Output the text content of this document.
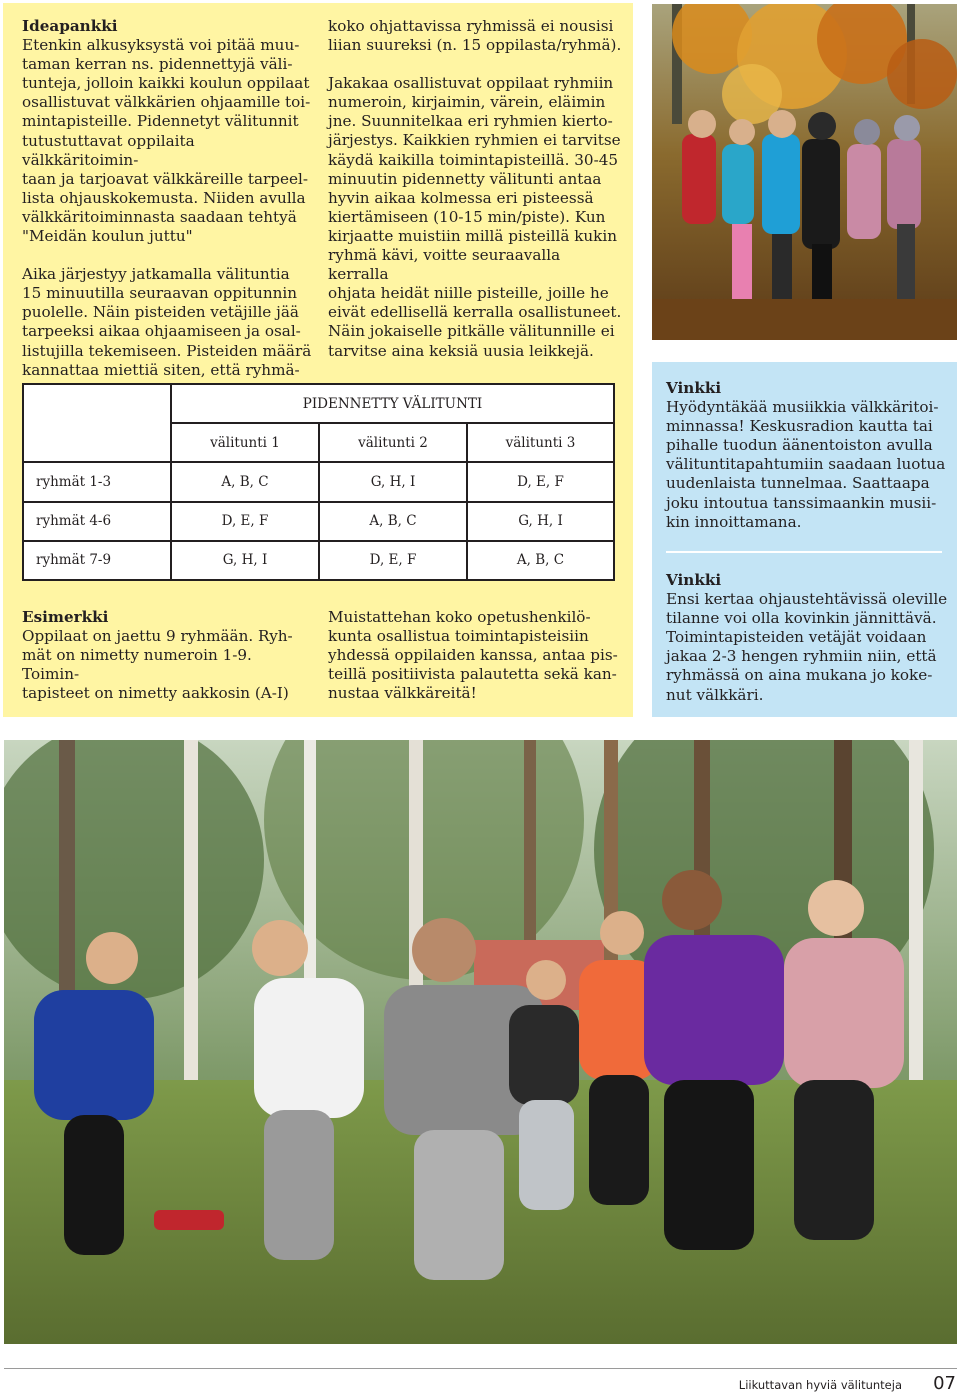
Ideapankki

Etenkin alkusyksystä voi pitää muu-

taman kerran ns. pidennettyjä väli-

tunteja, jolloin kaikki koulun oppilaat

osallistuvat välkkärien ohjaamille toi-

mintapisteille. Pidennetyt välitunnit

tutustuttavat oppilaita välkkäritoimin-

taan ja tarjoavat välkkäreille tarpeel-

lista ohjauskokemusta. Niiden avulla

välkkäritoiminnasta saadaan tehtyä

"Meidän koulun juttu"

Aika järjestyy jatkamalla välituntia

15 minuutilla seuraavan oppitunnin

puolelle. Näin pisteiden vetäjille jää

tarpeeksi aikaa ohjaamiseen ja osal-

listujilla tekemiseen. Pisteiden määrä

kannattaa miettiä siten, että ryhmä-

koko ohjattavissa ryhmissä ei nousisi

liian suureksi (n. 15 oppilasta/ryhmä).

Jakakaa osallistuvat oppilaat ryhmiin

numeroin, kirjaimin, värein, eläimin

jne. Suunnitelkaa eri ryhmien kierto-

järjestys. Kaikkien ryhmien ei tarvitse

käydä kaikilla toimintapisteillä. 30-45

minuutin pidennetty välitunti antaa

hyvin aikaa kolmessa eri pisteessä

kiertämiseen (10-15 min/piste). Kun

kirjaatte muistiin millä pisteillä kukin

ryhmä kävi, voitte seuraavalla kerralla

ohjata heidät niille pisteille, joille he

eivät edellisellä kerralla osallistuneet.

Näin jokaiselle pitkälle välitunnille ei

tarvitse aina keksiä uusia leikkejä.

	PIDENNETTY VÄLITUNTI		
	välitunti 1	välitunti 2	välitunti 3
ryhmät 1-3	A, B, C	G, H, I	D, E, F
ryhmät 4-6	D, E, F	A, B, C	G, H, I
ryhmät 7-9	G, H, I	D, E, F	A, B, C
Esimerkki

Oppilaat on jaettu 9 ryhmään. Ryh-

mät on nimetty numeroin 1-9. Toimin-

tapisteet on nimetty aakkosin (A-I)

Muistattehan koko opetushenkilö-

kunta osallistua toimintapisteisiin

yhdessä oppilaiden kanssa, antaa pis-

teillä positiivista palautetta sekä kan-

nustaa välkkäreitä!

Vinkki

Hyödyntäkää musiikkia välkkäritoi-

minnassa! Keskusradion kautta tai

pihalle tuodun äänentoiston avulla

välituntitapahtumiin saadaan luotua

uudenlaista tunnelmaa. Saattaapa

joku intoutua tanssimaankin musii-

kin innoittamana.

Vinkki

Ensi kertaa ohjaustehtävissä oleville

tilanne voi olla kovinkin jännittävä.

Toimintapisteiden vetäjät voidaan

jakaa 2-3 hengen ryhmiin niin, että

ryhmässä on aina mukana jo koke-

nut välkkäri.

Liikuttavan hyviä välitunteja 07
